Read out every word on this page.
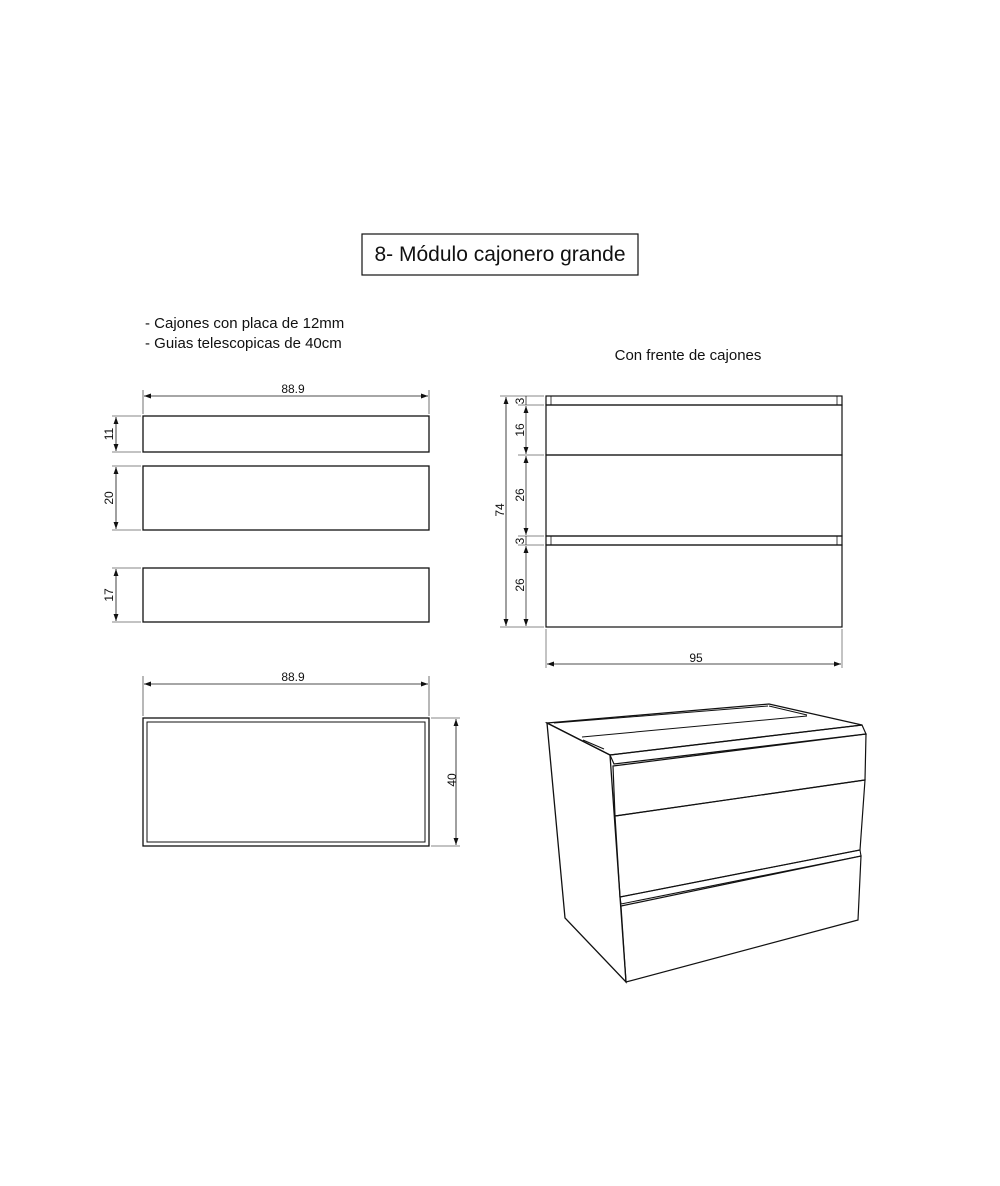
8- Módulo cajonero grande
- Cajones con placa de 12mm
- Guias telescopicas de 40cm
88.9
11
20
17
88.9
40
Con frente de cajones
3
16
26
3
26
74
95
